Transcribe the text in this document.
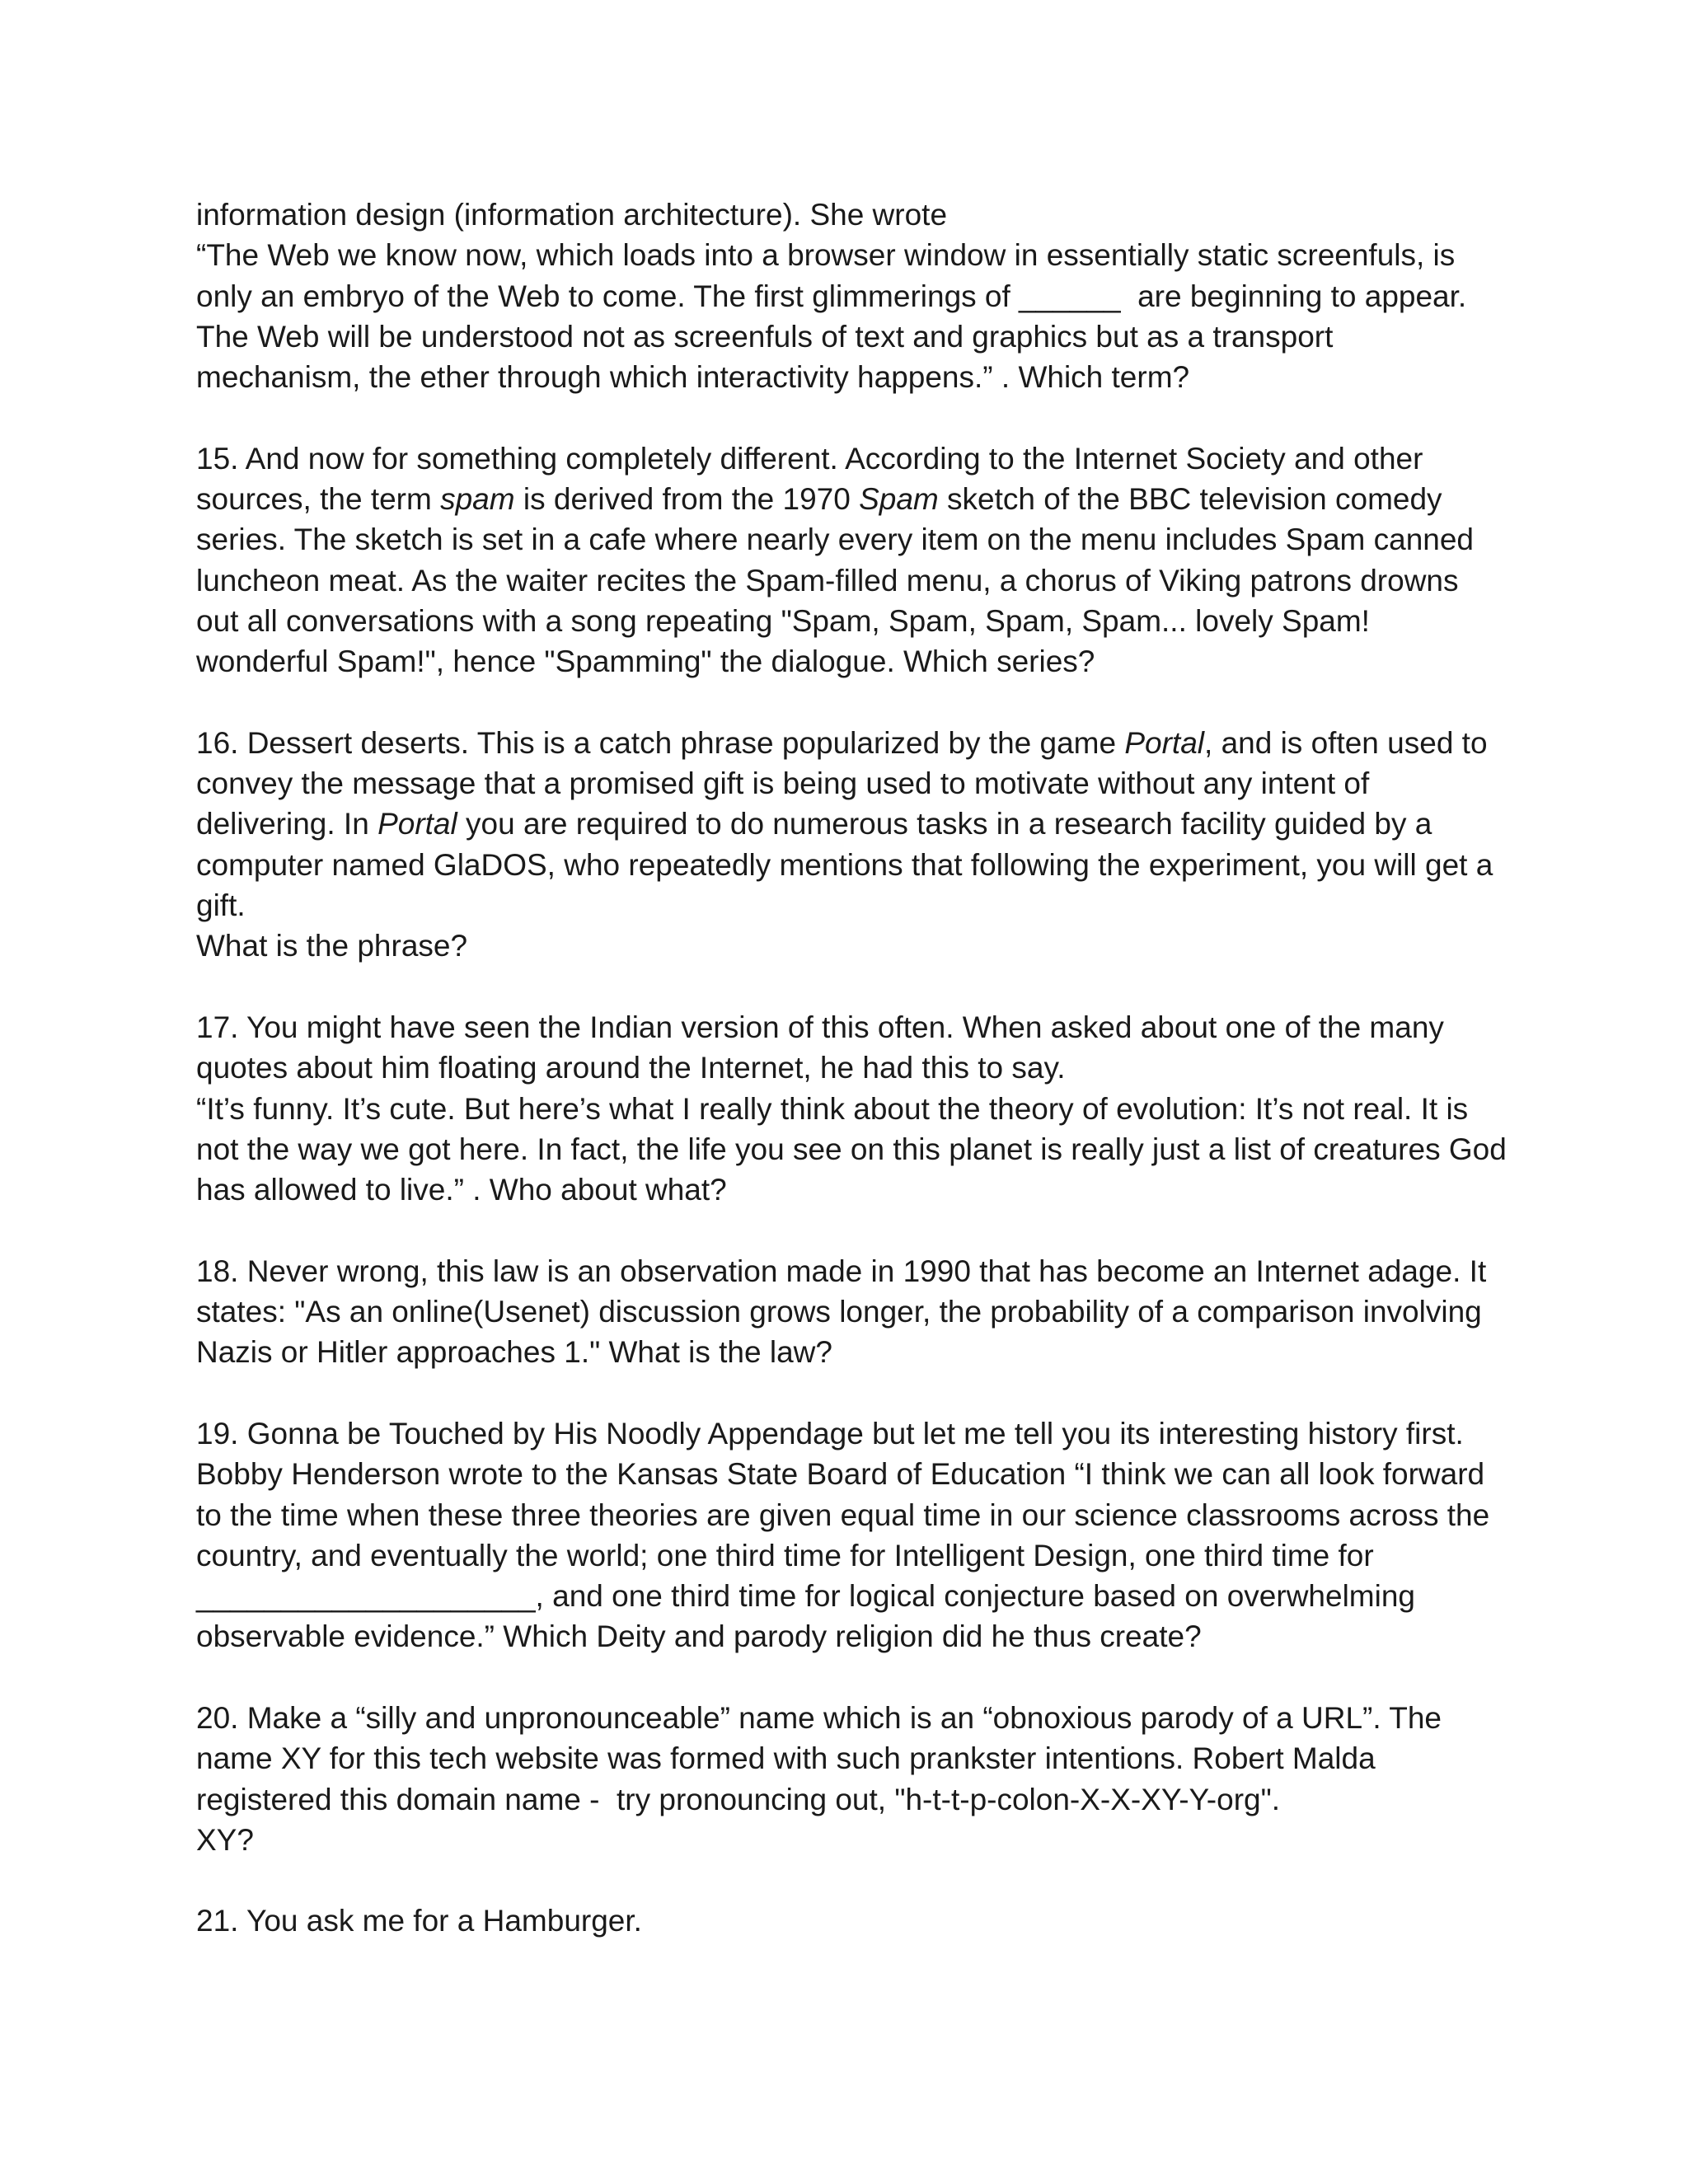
information design (information architecture). She wrote
“The Web we know now, which loads into a browser window in essentially static screenfuls, is
only an embryo of the Web to come. The first glimmerings of ______  are beginning to appear.
The Web will be understood not as screenfuls of text and graphics but as a transport
mechanism, the ether through which interactivity happens.” . Which term?
15. And now for something completely different. According to the Internet Society and other
sources, the term spam is derived from the 1970 Spam sketch of the BBC television comedy
series. The sketch is set in a cafe where nearly every item on the menu includes Spam canned
luncheon meat. As the waiter recites the Spam-filled menu, a chorus of Viking patrons drowns
out all conversations with a song repeating "Spam, Spam, Spam, Spam... lovely Spam!
wonderful Spam!", hence "Spamming" the dialogue. Which series?
16. Dessert deserts. This is a catch phrase popularized by the game Portal, and is often used to
convey the message that a promised gift is being used to motivate without any intent of
delivering. In Portal you are required to do numerous tasks in a research facility guided by a
computer named GlaDOS, who repeatedly mentions that following the experiment, you will get a
gift.
What is the phrase?
17. You might have seen the Indian version of this often. When asked about one of the many
quotes about him floating around the Internet, he had this to say.
“It’s funny. It’s cute. But here’s what I really think about the theory of evolution: It’s not real. It is
not the way we got here. In fact, the life you see on this planet is really just a list of creatures God
has allowed to live.” . Who about what?
18. Never wrong, this law is an observation made in 1990 that has become an Internet adage. It
states: "As an online(Usenet) discussion grows longer, the probability of a comparison involving
Nazis or Hitler approaches 1." What is the law?
19. Gonna be Touched by His Noodly Appendage but let me tell you its interesting history first.
Bobby Henderson wrote to the Kansas State Board of Education “I think we can all look forward
to the time when these three theories are given equal time in our science classrooms across the
country, and eventually the world; one third time for Intelligent Design, one third time for
____________________, and one third time for logical conjecture based on overwhelming
observable evidence.” Which Deity and parody religion did he thus create?
20. Make a “silly and unpronounceable” name which is an “obnoxious parody of a URL”. The
name XY for this tech website was formed with such prankster intentions. Robert Malda
registered this domain name -  try pronouncing out, "h-t-t-p-colon-X-X-XY-Y-org".
XY?
21. You ask me for a Hamburger.
